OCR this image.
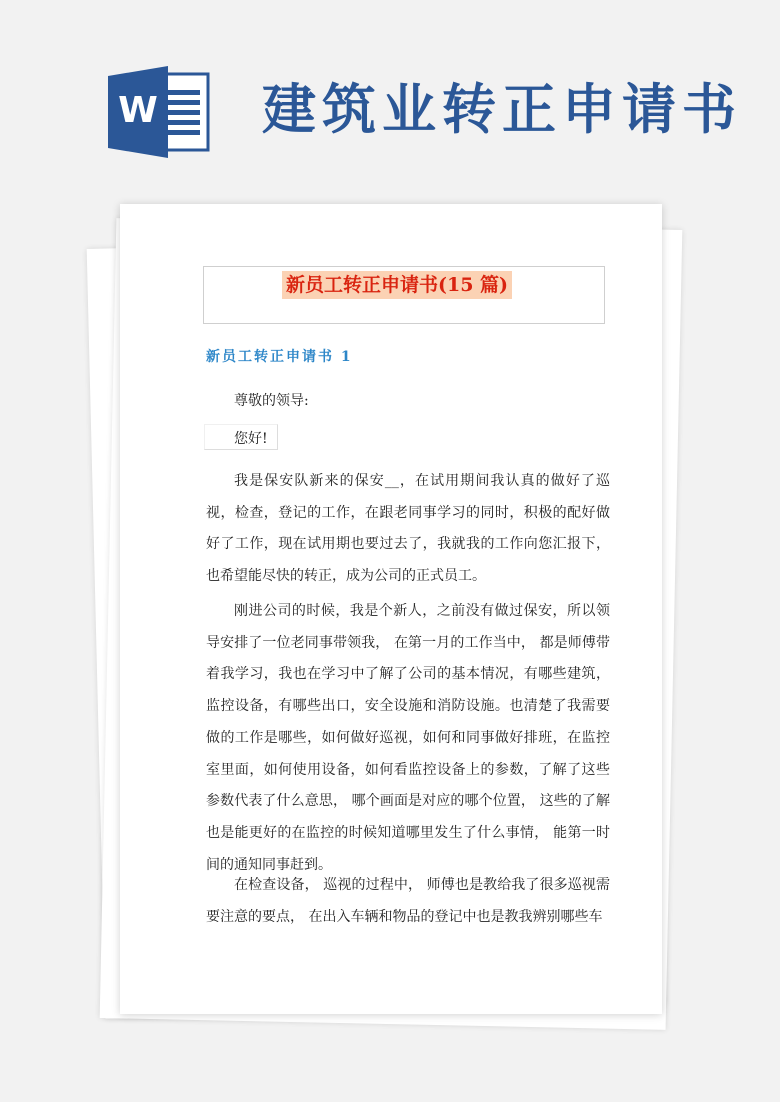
W 建筑业转正申请书
新员工转正申请书(15 篇)
新员工转正申请书 1
尊敬的领导:
您好!

我是保安队新来的保安__，在试用期间我认真的做好了巡视，检查，登记的工作，在跟老同事学习的同时，积极的配好做好了工作，现在试用期也要过去了，我就我的工作向您汇报下，也希望能尽快的转正，成为公司的正式员工。

刚进公司的时候，我是个新人，之前没有做过保安，所以领导安排了一位老同事带领我， 在第一月的工作当中， 都是师傅带着我学习，我也在学习中了解了公司的基本情况，有哪些建筑，监控设备，有哪些出口，安全设施和消防设施。也清楚了我需要做的工作是哪些，如何做好巡视，如何和同事做好排班，在监控室里面，如何使用设备，如何看监控设备上的参数，了解了这些参数代表了什么意思， 哪个画面是对应的哪个位置， 这些的了解也是能更好的在监控的时候知道哪里发生了什么事情， 能第一时间的通知同事赶到。

在检查设备， 巡视的过程中， 师傅也是教给我了很多巡视需要注意的要点， 在出入车辆和物品的登记中也是教我辨别哪些车
